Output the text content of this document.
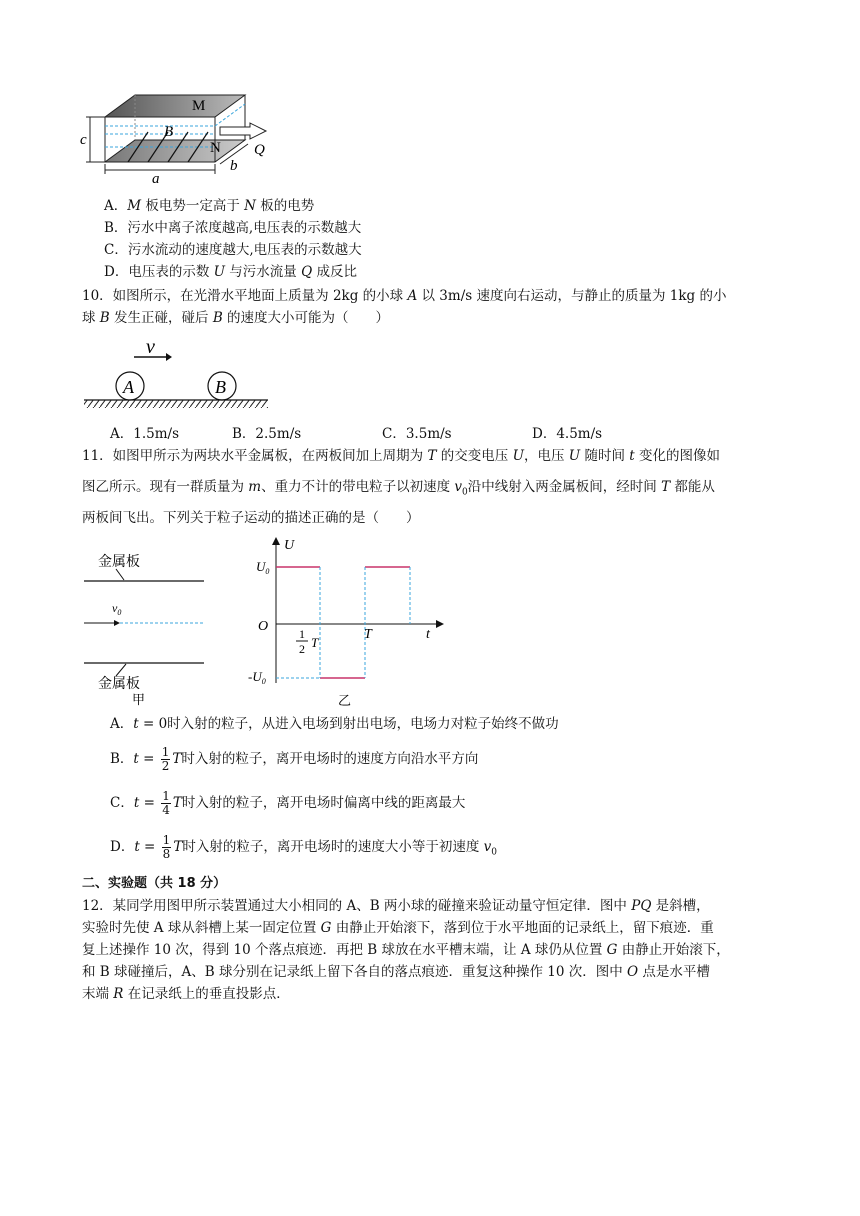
M
N
B
Q
a
b
c
A．M 板电势一定高于 N 板的电势
B．污水中离子浓度越高,电压表的示数越大
C．污水流动的速度越大,电压表的示数越大
D．电压表的示数 U 与污水流量 Q 成反比
10．如图所示，在光滑水平地面上质量为 2kg 的小球 A 以 3m/s 速度向右运动，与静止的质量为 1kg 的小
球 B 发生正碰，碰后 B 的速度大小可能为（　　）
v
A	B
A．1.5m/s	B．2.5m/s	C．3.5m/s	D．4.5m/s
11．如图甲所示为两块水平金属板，在两板间加上周期为 T 的交变电压 U，电压 U 随时间 t 变化的图像如
图乙所示。现有一群质量为 m、重力不计的带电粒子以初速度 $v_0$沿中线射入两金属板间，经时间 T 都能从
两板间飞出。下列关于粒子运动的描述正确的是（　　）
金属板
$v_0$
金属板
甲
U
t
O
$U_0$
$-U_0$
1
2 T
T
乙
A．t = 0时入射的粒子，从进入电场到射出电场，电场力对粒子始终不做功
B．$t = \frac{1}{2}$ T时入射的粒子，离开电场时的速度方向沿水平方向
C．$t = \frac{1}{4}$ T时入射的粒子，离开电场时偏离中线的距离最大
D．$t = \frac{1}{8}$ T时入射的粒子，离开电场时的速度大小等于初速度 $v_0$
二、实验题（共 18 分）
12．某同学用图甲所示装置通过大小相同的 A、B 两小球的碰撞来验证动量守恒定律．图中 PQ 是斜槽，
实验时先使 A 球从斜槽上某一固定位置 G 由静止开始滚下，落到位于水平地面的记录纸上，留下痕迹．重
复上述操作 10 次，得到 10 个落点痕迹．再把 B 球放在水平槽末端，让 A 球仍从位置 G 由静止开始滚下，
和 B 球碰撞后，A、B 球分别在记录纸上留下各自的落点痕迹．重复这种操作 10 次．图中 O 点是水平槽
末端 R 在记录纸上的垂直投影点．
